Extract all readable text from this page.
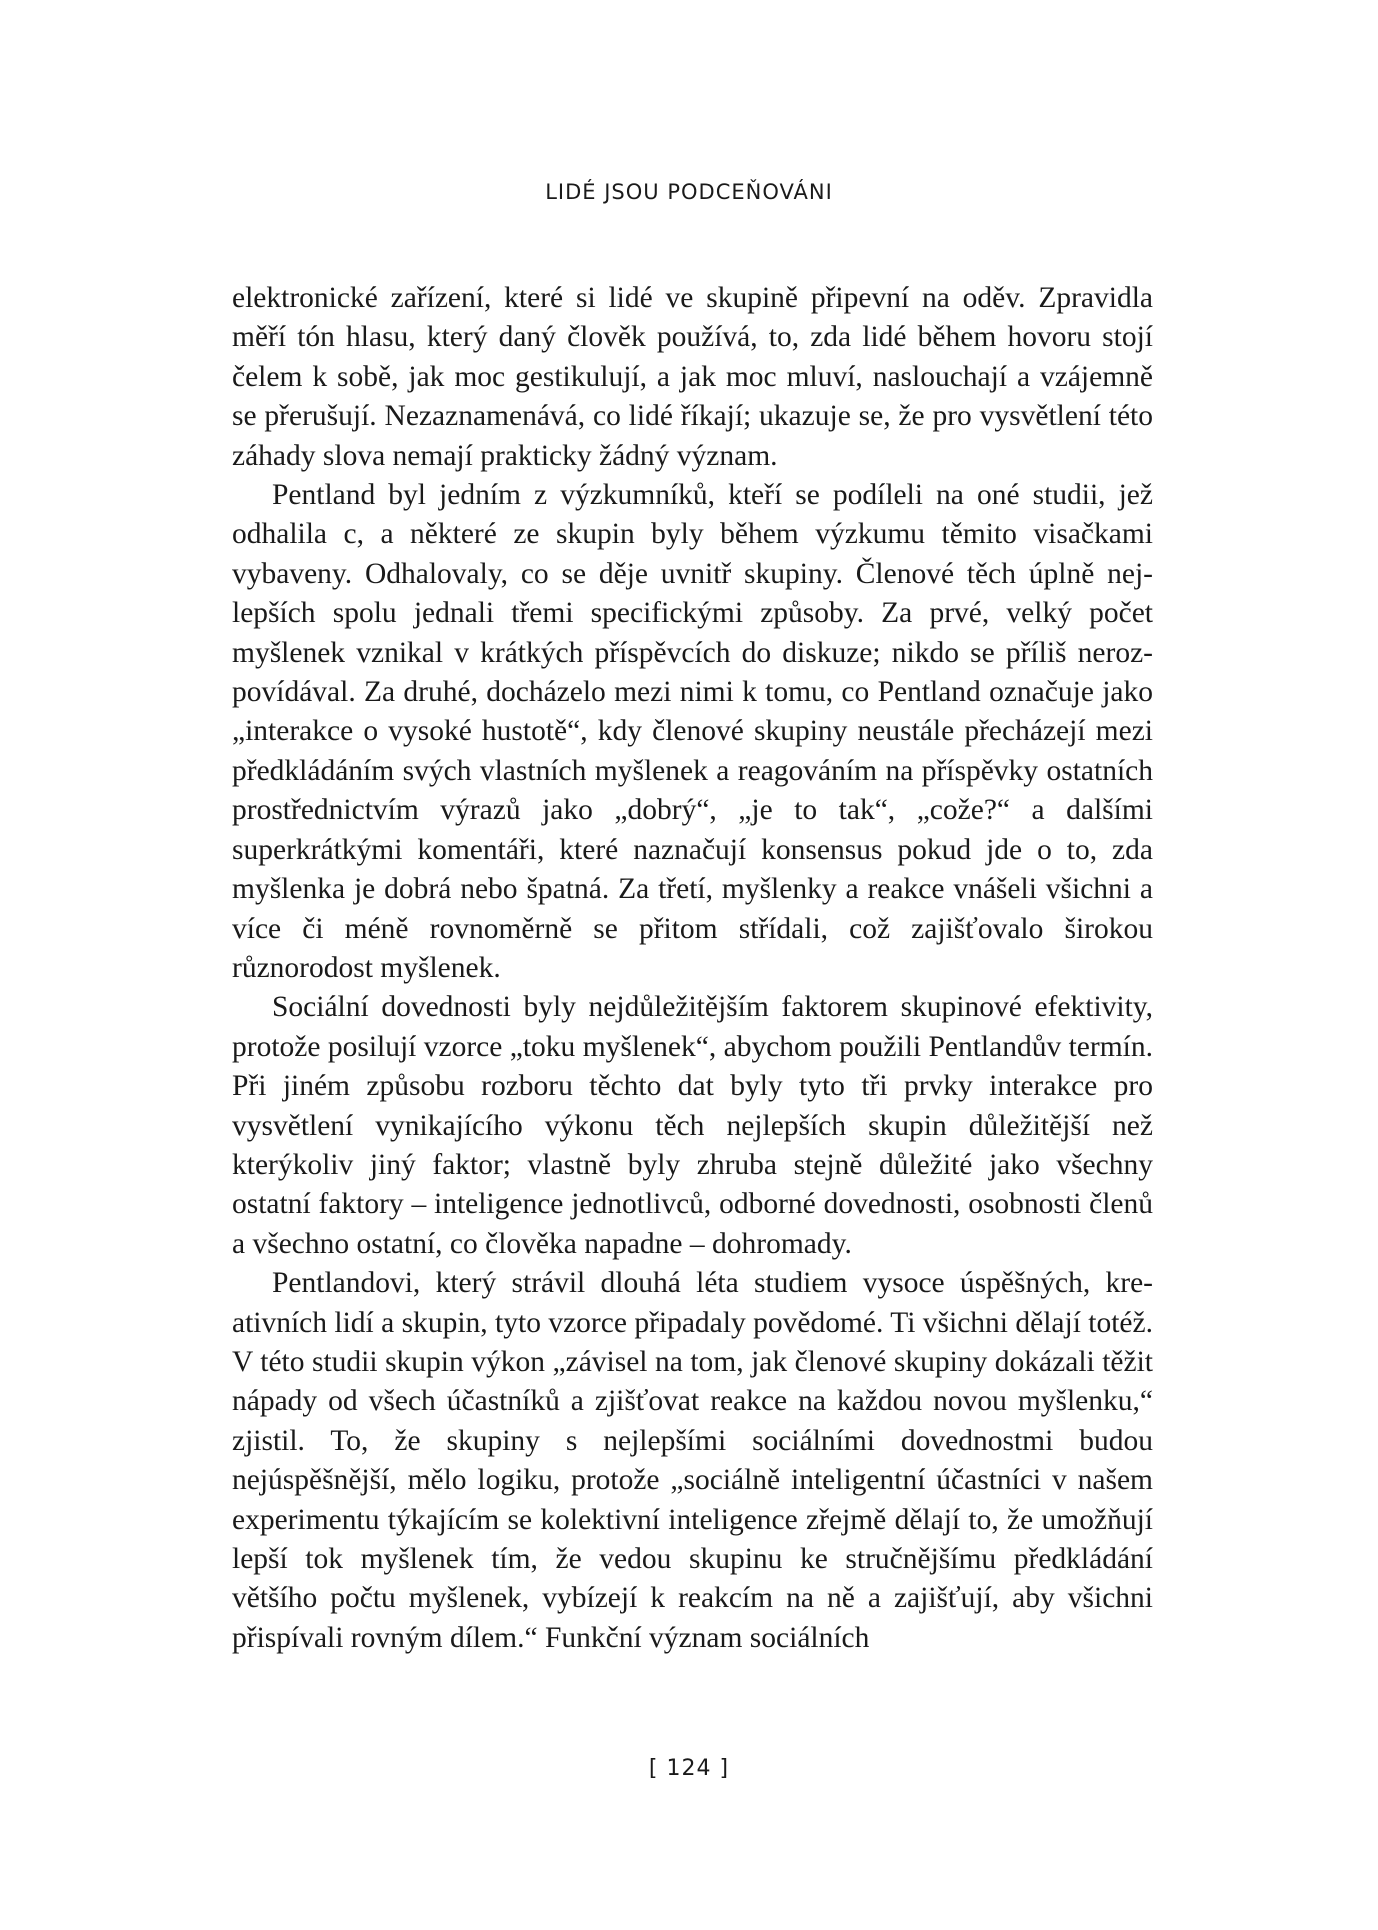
LIDÉ JSOU PODCEŇOVÁNI

elektronické zařízení, které si lidé ve skupině připevní na oděv. Zpravidla měří tón hlasu, který daný člověk používá, to, zda lidé během hovoru stojí čelem k sobě, jak moc gestikulují, a jak moc mluví, naslouchají a vzájemně se přerušují. Nezaznamenává, co lidé říkají; ukazuje se, že pro vysvětlení této záhady slova nemají prakticky žádný význam.

Pentland byl jedním z výzkumníků, kteří se podíleli na oné studii, jež odhalila c, a některé ze skupin byly během výzkumu těmito visačkami vybaveny. Odhalovaly, co se děje uvnitř skupiny. Členové těch úplně nejlepších spolu jednali třemi specifickými způsoby. Za prvé, velký počet myšlenek vznikal v krátkých příspěvcích do diskuze; nikdo se příliš nerozpovídával. Za druhé, docházelo mezi nimi k tomu, co Pentland označuje jako „interakce o vysoké hustotě“, kdy členové skupiny neustále přecházejí mezi předkládáním svých vlastních myšlenek a reagováním na příspěvky ostatních prostřednictvím výrazů jako „dobrý“, „je to tak“, „cože?“ a dalšími superkrátkými komentáři, které naznačují konsensus pokud jde o to, zda myšlenka je dobrá nebo špatná. Za třetí, myšlenky a reakce vnášeli všichni a více či méně rovnoměrně se přitom střídali, což zajišťovalo širokou různorodost myšlenek.

Sociální dovednosti byly nejdůležitějším faktorem skupinové efektivity, protože posilují vzorce „toku myšlenek“, abychom použili Pentlandův termín. Při jiném způsobu rozboru těchto dat byly tyto tři prvky interakce pro vysvětlení vynikajícího výkonu těch nejlepších skupin důležitější než kterýkoliv jiný faktor; vlastně byly zhruba stejně důležité jako všechny ostatní faktory – inteligence jednotlivců, odborné dovednosti, osobnosti členů a všechno ostatní, co člověka napadne – dohromady.

Pentlandovi, který strávil dlouhá léta studiem vysoce úspěšných, kreativních lidí a skupin, tyto vzorce připadaly povědomé. Ti všichni dělají totéž. V této studii skupin výkon „závisel na tom, jak členové skupiny dokázali těžit nápady od všech účastníků a zjišťovat reakce na každou novou myšlenku,“ zjistil. To, že skupiny s nejlepšími sociálními dovednostmi budou nejúspěšnější, mělo logiku, protože „sociálně inteligentní účastníci v našem experimentu týkajícím se kolektivní inteligence zřejmě dělají to, že umožňují lepší tok myšlenek tím, že vedou skupinu ke stručnějšímu předkládání většího počtu myšlenek, vybízejí k reakcím na ně a zajišťují, aby všichni přispívali rovným dílem.“ Funkční význam sociálních

[ 124 ]
